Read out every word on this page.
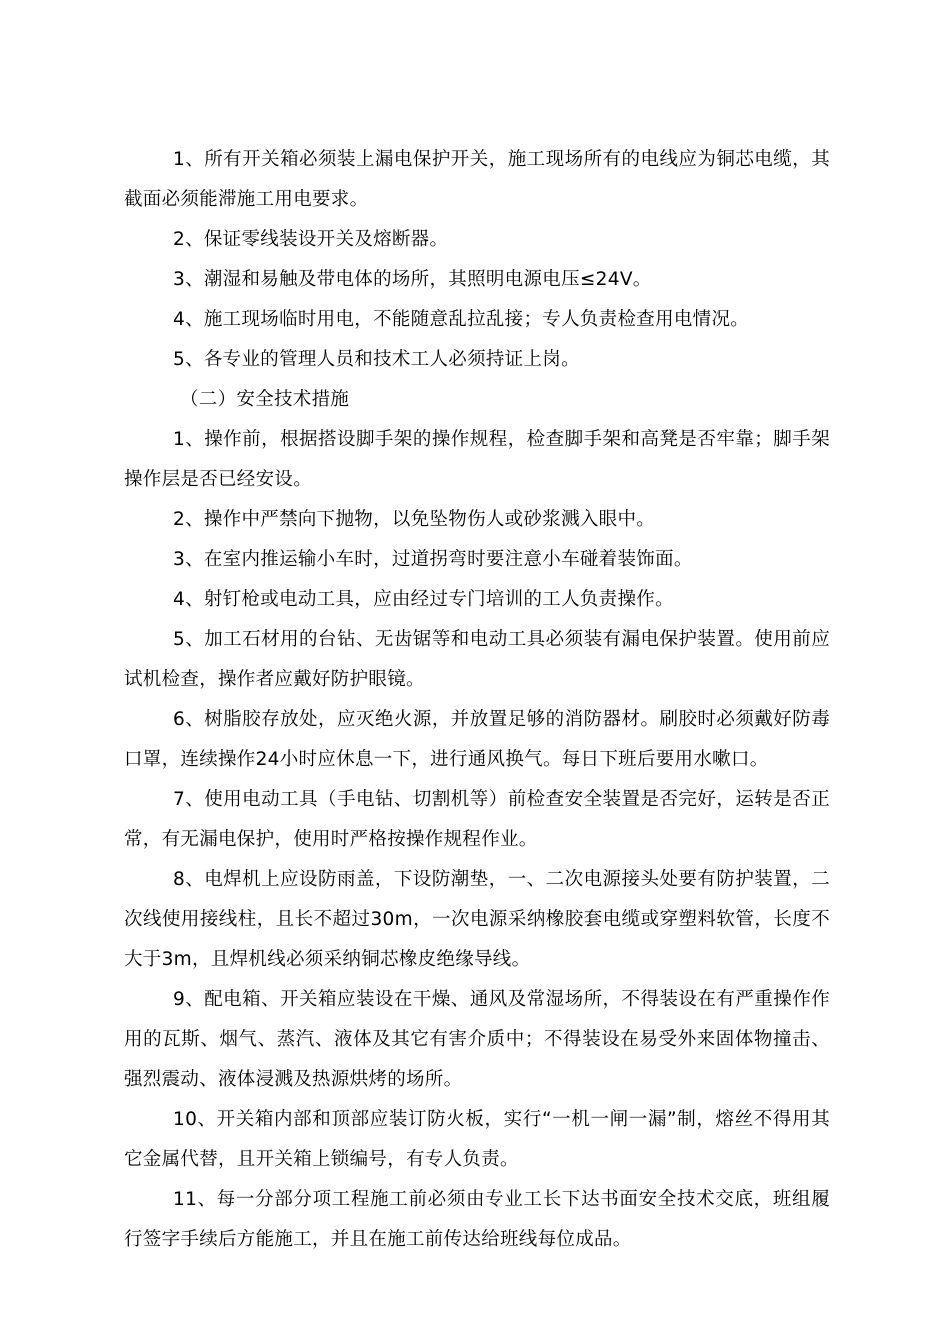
1、所有开关箱必须装上漏电保护开关，施工现场所有的电线应为铜芯电缆，其截面必须能滞施工用电要求。

2、保证零线装设开关及熔断器。

3、潮湿和易触及带电体的场所，其照明电源电压≤24V。

4、施工现场临时用电，不能随意乱拉乱接；专人负责检查用电情况。

5、各专业的管理人员和技术工人必须持证上岗。

（二）安全技术措施

1、操作前，根据搭设脚手架的操作规程，检查脚手架和高凳是否牢靠；脚手架操作层是否已经安设。

2、操作中严禁向下抛物，以免坠物伤人或砂浆溅入眼中。

3、在室内推运输小车时，过道拐弯时要注意小车碰着装饰面。

4、射钉枪或电动工具，应由经过专门培训的工人负责操作。

5、加工石材用的台钻、无齿锯等和电动工具必须装有漏电保护装置。使用前应试机检查，操作者应戴好防护眼镜。

6、树脂胶存放处，应灭绝火源，并放置足够的消防器材。刷胶时必须戴好防毒口罩，连续操作24小时应休息一下，进行通风换气。每日下班后要用水嗽口。

7、使用电动工具（手电钻、切割机等）前检查安全装置是否完好，运转是否正常，有无漏电保护，使用时严格按操作规程作业。

8、电焊机上应设防雨盖，下设防潮垫，一、二次电源接头处要有防护装置，二次线使用接线柱，且长不超过30m，一次电源采纳橡胶套电缆或穿塑料软管，长度不大于3m，且焊机线必须采纳铜芯橡皮绝缘导线。

9、配电箱、开关箱应装设在干燥、通风及常湿场所，不得装设在有严重操作作用的瓦斯、烟气、蒸汽、液体及其它有害介质中；不得装设在易受外来固体物撞击、强烈震动、液体浸溅及热源烘烤的场所。

10、开关箱内部和顶部应装订防火板，实行“一机一闸一漏”制，熔丝不得用其它金属代替，且开关箱上锁编号，有专人负责。

11、每一分部分项工程施工前必须由专业工长下达书面安全技术交底，班组履行签字手续后方能施工，并且在施工前传达给班线每位成品。
